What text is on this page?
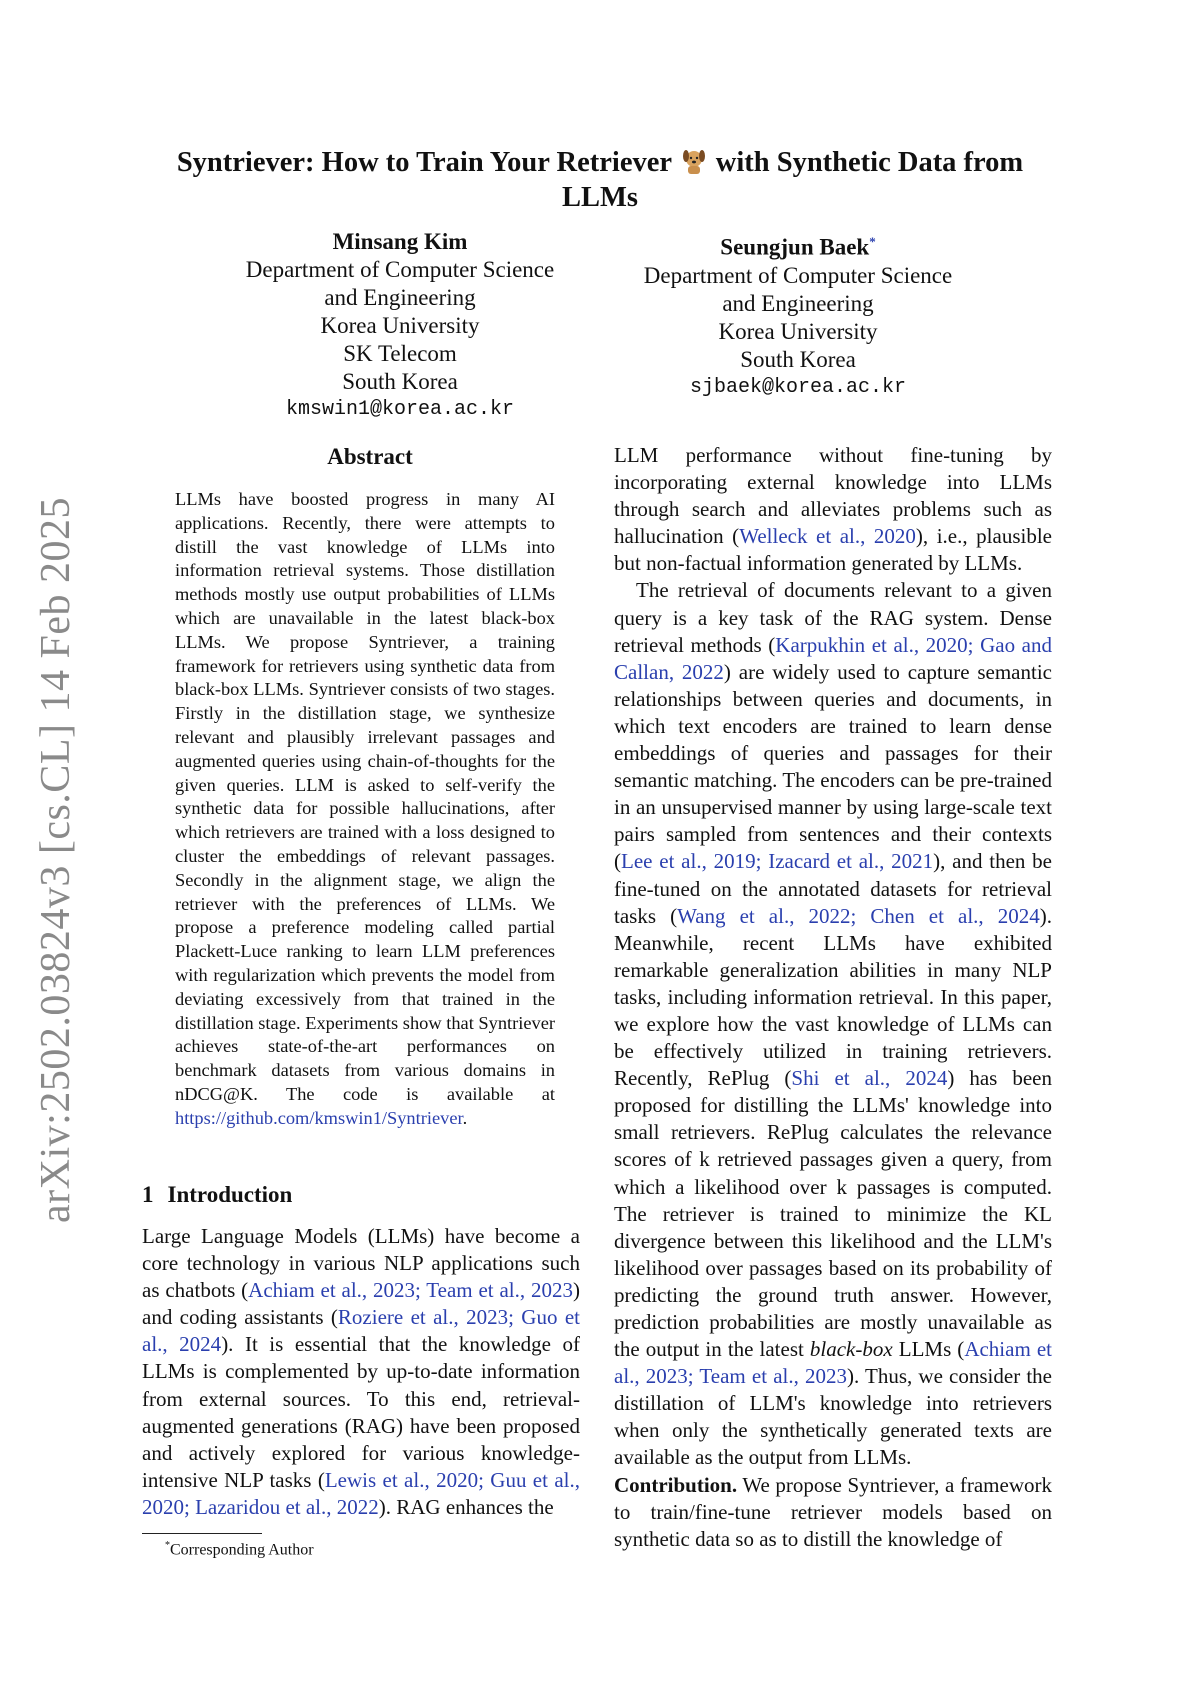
arXiv:2502.03824v3 [cs.CL] 14 Feb 2025
Syntriever: How to Train Your Retriever with Synthetic Data from LLMs
Minsang Kim
Department of Computer Science
and Engineering
Korea University
SK Telecom
South Korea
kmswin1@korea.ac.kr
Seungjun Baek*
Department of Computer Science
and Engineering
Korea University
South Korea
sjbaek@korea.ac.kr
Abstract
LLMs have boosted progress in many AI applications. Recently, there were attempts to distill the vast knowledge of LLMs into information retrieval systems. Those distillation methods mostly use output probabilities of LLMs which are unavailable in the latest black-box LLMs. We propose Syntriever, a training framework for retrievers using synthetic data from black-box LLMs. Syntriever consists of two stages. Firstly in the distillation stage, we synthesize relevant and plausibly irrelevant passages and augmented queries using chain-of-thoughts for the given queries. LLM is asked to self-verify the synthetic data for possible hallucinations, after which retrievers are trained with a loss designed to cluster the embeddings of relevant passages. Secondly in the alignment stage, we align the retriever with the preferences of LLMs. We propose a preference modeling called partial Plackett-Luce ranking to learn LLM preferences with regularization which prevents the model from deviating excessively from that trained in the distillation stage. Experiments show that Syntriever achieves state-of-the-art performances on benchmark datasets from various domains in nDCG@K. The code is available at https://github.com/kmswin1/Syntriever.
1 Introduction

Large Language Models (LLMs) have become a core technology in various NLP applications such as chatbots (Achiam et al., 2023; Team et al., 2023) and coding assistants (Roziere et al., 2023; Guo et al., 2024). It is essential that the knowledge of LLMs is complemented by up-to-date information from external sources. To this end, retrieval-augmented generations (RAG) have been proposed and actively explored for various knowledge-intensive NLP tasks (Lewis et al., 2020; Guu et al., 2020; Lazaridou et al., 2022). RAG enhances the

LLM performance without fine-tuning by incorporating external knowledge into LLMs through search and alleviates problems such as hallucination (Welleck et al., 2020), i.e., plausible but non-factual information generated by LLMs.

The retrieval of documents relevant to a given query is a key task of the RAG system. Dense retrieval methods (Karpukhin et al., 2020; Gao and Callan, 2022) are widely used to capture semantic relationships between queries and documents, in which text encoders are trained to learn dense embeddings of queries and passages for their semantic matching. The encoders can be pre-trained in an unsupervised manner by using large-scale text pairs sampled from sentences and their contexts (Lee et al., 2019; Izacard et al., 2021), and then be fine-tuned on the annotated datasets for retrieval tasks (Wang et al., 2022; Chen et al., 2024). Meanwhile, recent LLMs have exhibited remarkable generalization abilities in many NLP tasks, including information retrieval. In this paper, we explore how the vast knowledge of LLMs can be effectively utilized in training retrievers. Recently, RePlug (Shi et al., 2024) has been proposed for distilling the LLMs' knowledge into small retrievers. RePlug calculates the relevance scores of k retrieved passages given a query, from which a likelihood over k passages is computed. The retriever is trained to minimize the KL divergence between this likelihood and the LLM's likelihood over passages based on its probability of predicting the ground truth answer. However, prediction probabilities are mostly unavailable as the output in the latest black-box LLMs (Achiam et al., 2023; Team et al., 2023). Thus, we consider the distillation of LLM's knowledge into retrievers when only the synthetically generated texts are available as the output from LLMs.

Contribution. We propose Syntriever, a framework to train/fine-tune retriever models based on synthetic data so as to distill the knowledge of

*Corresponding Author
